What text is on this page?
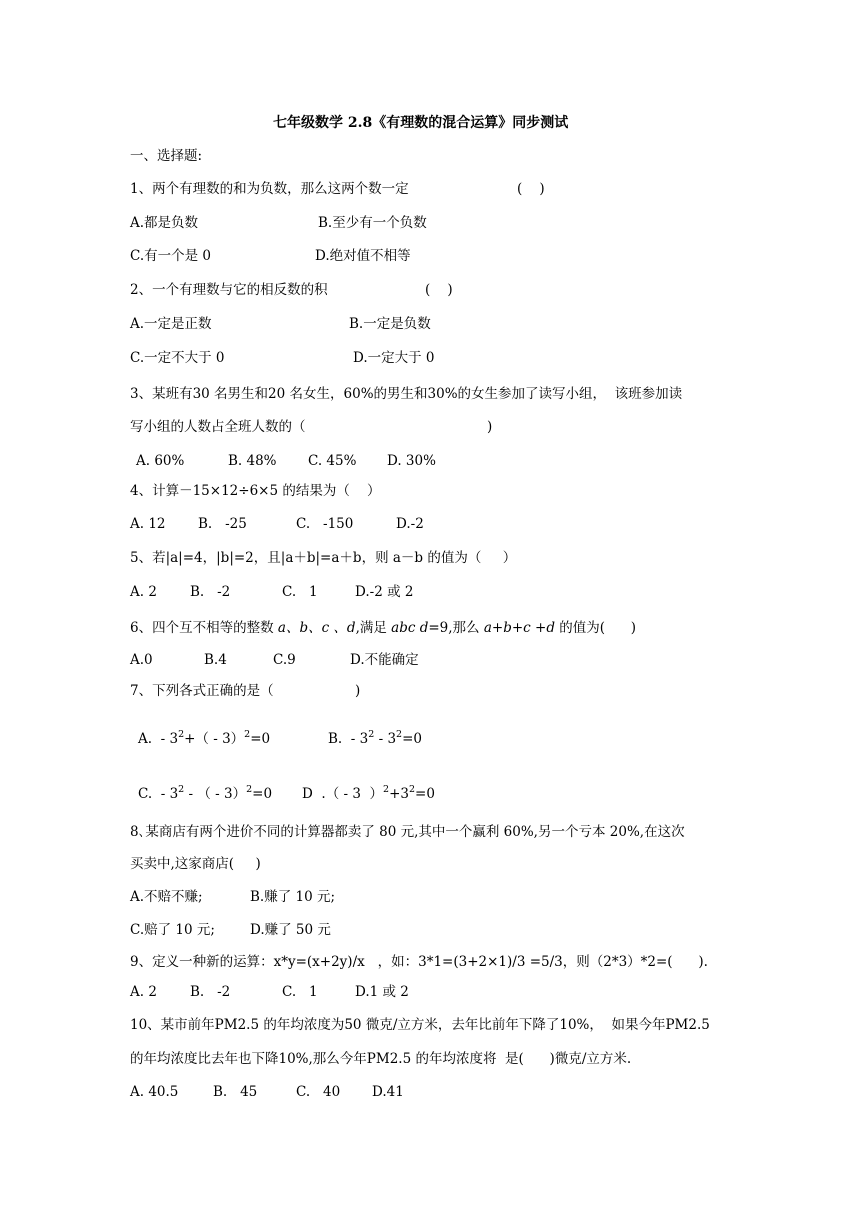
七年级数学 2.8《有理数的混合运算》同步测试
一、选择题:
1、两个有理数的和为负数，那么这两个数一定	(    )
A.都是负数	B.至少有一个负数
C.有一个是 0	D.绝对值不相等
2、一个有理数与它的相反数的积	(    )
A.一定是正数	B.一定是负数
C.一定不大于 0	D.一定大于 0
3、某班有30 名男生和20 名女生，60%的男生和30%的女生参加了读写小组，  该班参加读
写小组的人数占全班人数的（	)
A. 60%	B. 48% C. 45% D. 30%
4、计算－15×12÷6×5 的结果为（    ）
A. 12 B.   -25	C.   -150	D.-2
5、若|a|=4，|b|=2，且|a＋b|=a＋b，则 a－b 的值为（     ）
A. 2 B.   -2	C.   1	D.-2 或 2
6、四个互不相等的整数 a、b、c 、d,满足 abc d=9,那么 a+b+c +d 的值为(      )
A.0	B.4	C.9	D.不能确定
7、下列各式正确的是（	)
A.  - $3^2+( - 3)^2=0$	B.  - $3^2 - 3^2=0$
C.  - $3^2$ - （ - 3）$^2$=0 D  .（ - 3  ）$^2+3^2=0$
8､某商店有两个进价不同的计算器都卖了 80 元,其中一个赢利 60%,另一个亏本 20%,在这次
买卖中,这家商店(     )
A.不赔不赚;	B.赚了 10 元;
C.赔了 10 元;	D.赚了 50 元
9、定义一种新的运算：x*y=(x+2y)/x   ，如：3*1=(3+2×1)/3 =5/3，则（2*3）*2=(      ).
A. 2 B.   -2	C.   1	D.1 或 2
10、某市前年PM2.5 的年均浓度为50 微克/立方米，去年比前年下降了10%，  如果今年PM2.5
的年均浓度比去年也下降10%,那么今年PM2.5 的年均浓度将  是(      )微克/立方米.
A. 40.5	B.   45	C.   40 D.41
